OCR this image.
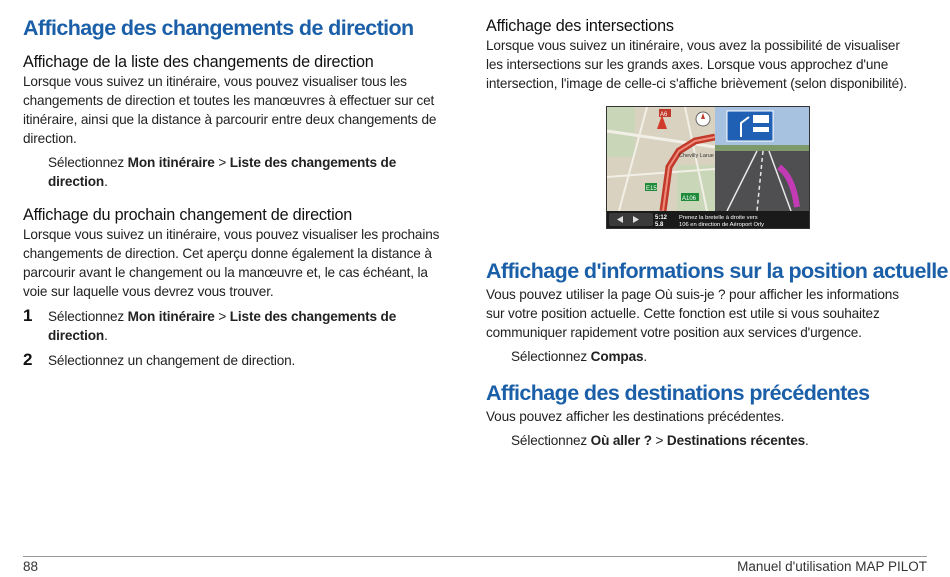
Affichage des changements de direction
Affichage de la liste des changements de direction

Lorsque vous suivez un itinéraire, vous pouvez visualiser tous les
changements de direction et toutes les manœuvres à effectuer sur cet
itinéraire, ainsi que la distance à parcourir entre deux changements de
direction.

Sélectionnez Mon itinéraire > Liste des changements de
direction.

Affichage du prochain changement de direction

Lorsque vous suivez un itinéraire, vous pouvez visualiser les prochains
changements de direction. Cet aperçu donne également la distance à
parcourir avant le changement ou la manœuvre et, le cas échéant, la
voie sur laquelle vous devrez vous trouver.

1 Sélectionnez Mon itinéraire > Liste des changements de
direction.

2 Sélectionnez un changement de direction.

Affichage des intersections

Lorsque vous suivez un itinéraire, vous avez la possibilité de visualiser
les intersections sur les grands axes. Lorsque vous approchez d'une
intersection, l'image de celle-ci s'affiche brièvement (selon disponibilité).

A6
E15
A106
Chevilly Larue
5:12
5.8
Prenez la bretelle à droite vers
106 en direction de Aéroport Orly
Affichage d'informations sur la position actuelle

Vous pouvez utiliser la page Où suis-je ? pour afficher les informations
sur votre position actuelle. Cette fonction est utile si vous souhaitez
communiquer rapidement votre position aux services d'urgence.

Sélectionnez Compas.

Affichage des destinations précédentes

Vous pouvez afficher les destinations précédentes.

Sélectionnez Où aller ? > Destinations récentes.

88	Manuel d'utilisation MAP PILOT
